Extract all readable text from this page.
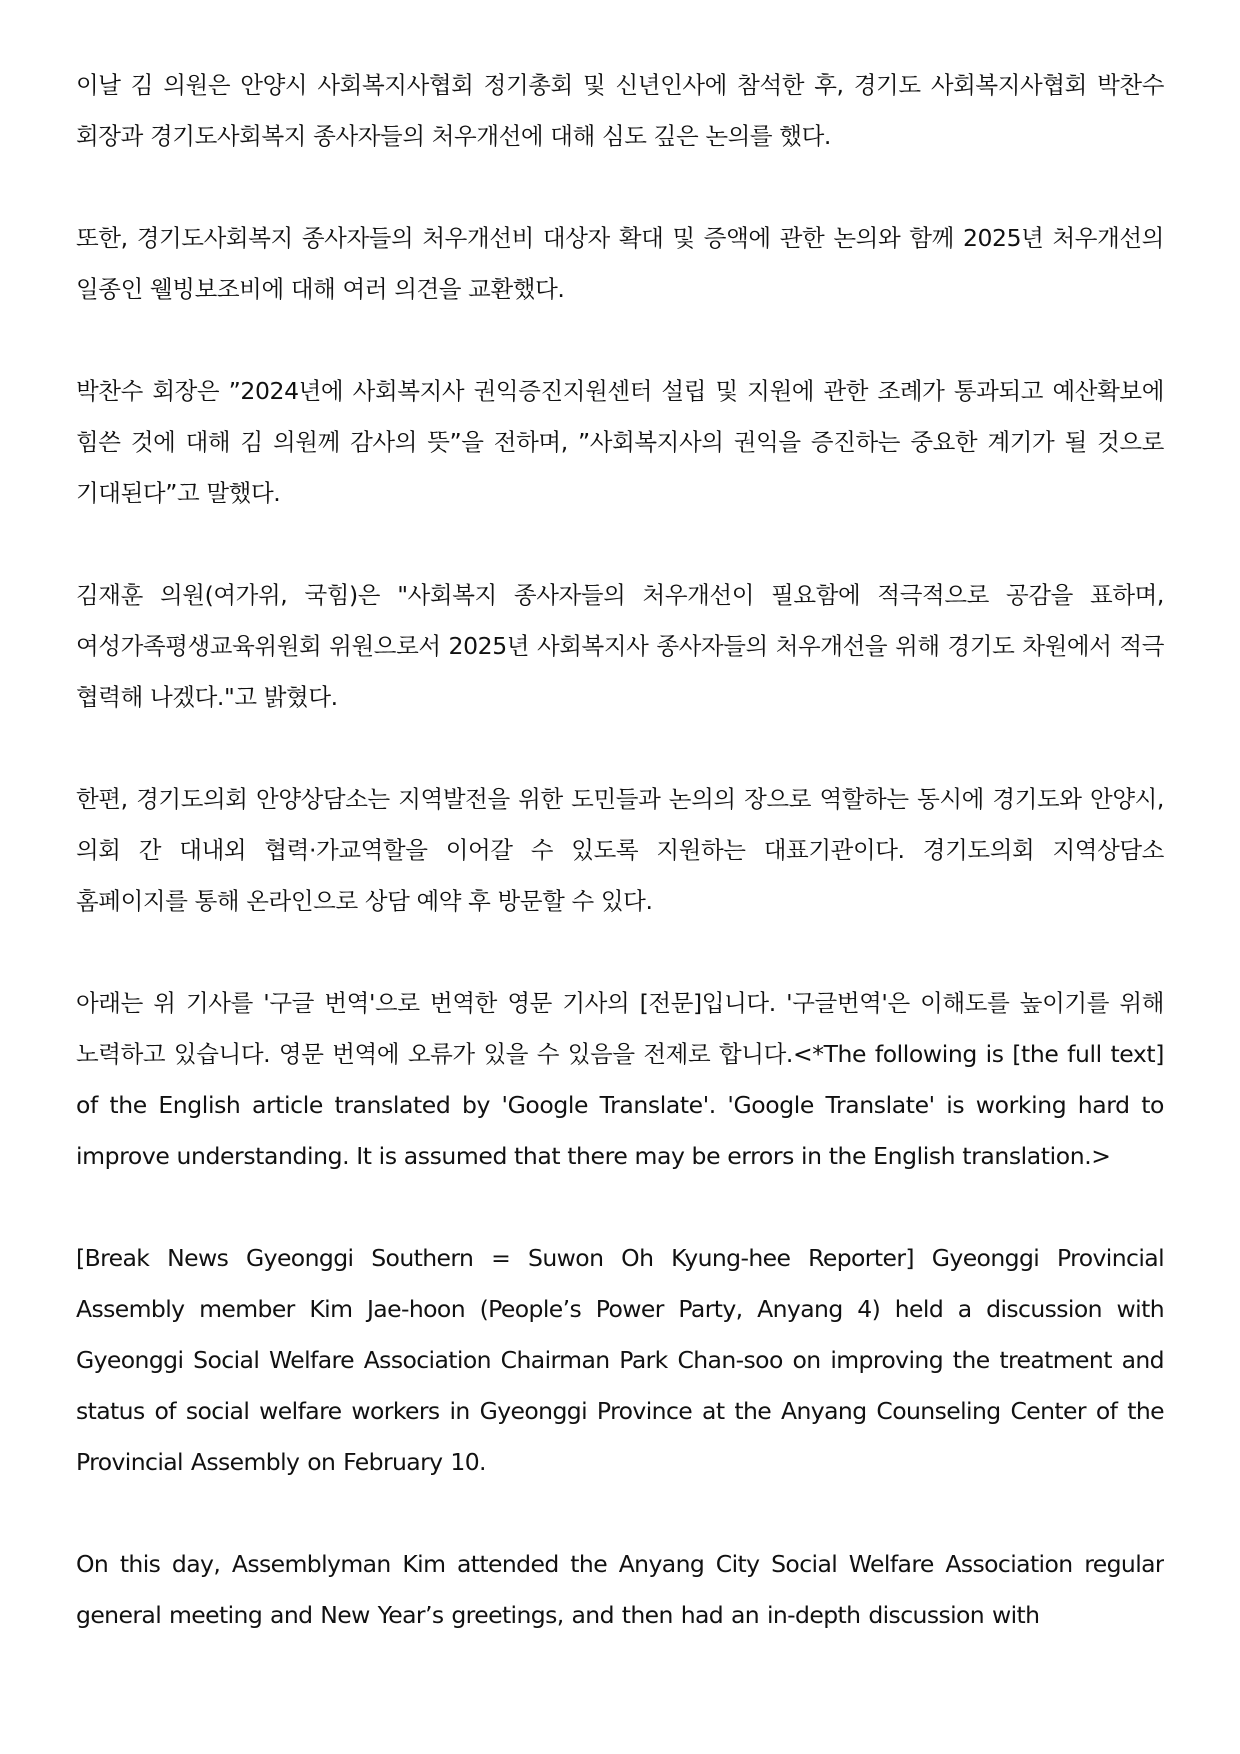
이날 김 의원은 안양시 사회복지사협회 정기총회 및 신년인사에 참석한 후, 경기도 사회복지사협회 박찬수 회장과 경기도사회복지 종사자들의 처우개선에 대해 심도 깊은 논의를 했다.

또한, 경기도사회복지 종사자들의 처우개선비 대상자 확대 및 증액에 관한 논의와 함께 2025년 처우개선의 일종인 웰빙보조비에 대해 여러 의견을 교환했다.

박찬수 회장은 ”2024년에 사회복지사 권익증진지원센터 설립 및 지원에 관한 조례가 통과되고 예산확보에 힘쓴 것에 대해 김 의원께 감사의 뜻”을 전하며, ”사회복지사의 권익을 증진하는 중요한 계기가 될 것으로 기대된다”고 말했다.

김재훈 의원(여가위, 국힘)은 "사회복지 종사자들의 처우개선이 필요함에 적극적으로 공감을 표하며, 여성가족평생교육위원회 위원으로서 2025년 사회복지사 종사자들의 처우개선을 위해 경기도 차원에서 적극 협력해 나겠다."고 밝혔다.

한편, 경기도의회 안양상담소는 지역발전을 위한 도민들과 논의의 장으로 역할하는 동시에 경기도와 안양시, 의회 간 대내외 협력·가교역할을 이어갈 수 있도록 지원하는 대표기관이다. 경기도의회 지역상담소 홈페이지를 통해 온라인으로 상담 예약 후 방문할 수 있다.

아래는 위 기사를 '구글 번역'으로 번역한 영문 기사의 [전문]입니다. '구글번역'은 이해도를 높이기를 위해 노력하고 있습니다. 영문 번역에 오류가 있을 수 있음을 전제로 합니다.<*The following is [the full text] of the English article translated by 'Google Translate'. 'Google Translate' is working hard to improve understanding. It is assumed that there may be errors in the English translation.>

[Break News Gyeonggi Southern = Suwon Oh Kyung-hee Reporter] Gyeonggi Provincial Assembly member Kim Jae-hoon (People’s Power Party, Anyang 4) held a discussion with Gyeonggi Social Welfare Association Chairman Park Chan-soo on improving the treatment and status of social welfare workers in Gyeonggi Province at the Anyang Counseling Center of the Provincial Assembly on February 10.

On this day, Assemblyman Kim attended the Anyang City Social Welfare Association regular general meeting and New Year’s greetings, and then had an in-depth discussion with
